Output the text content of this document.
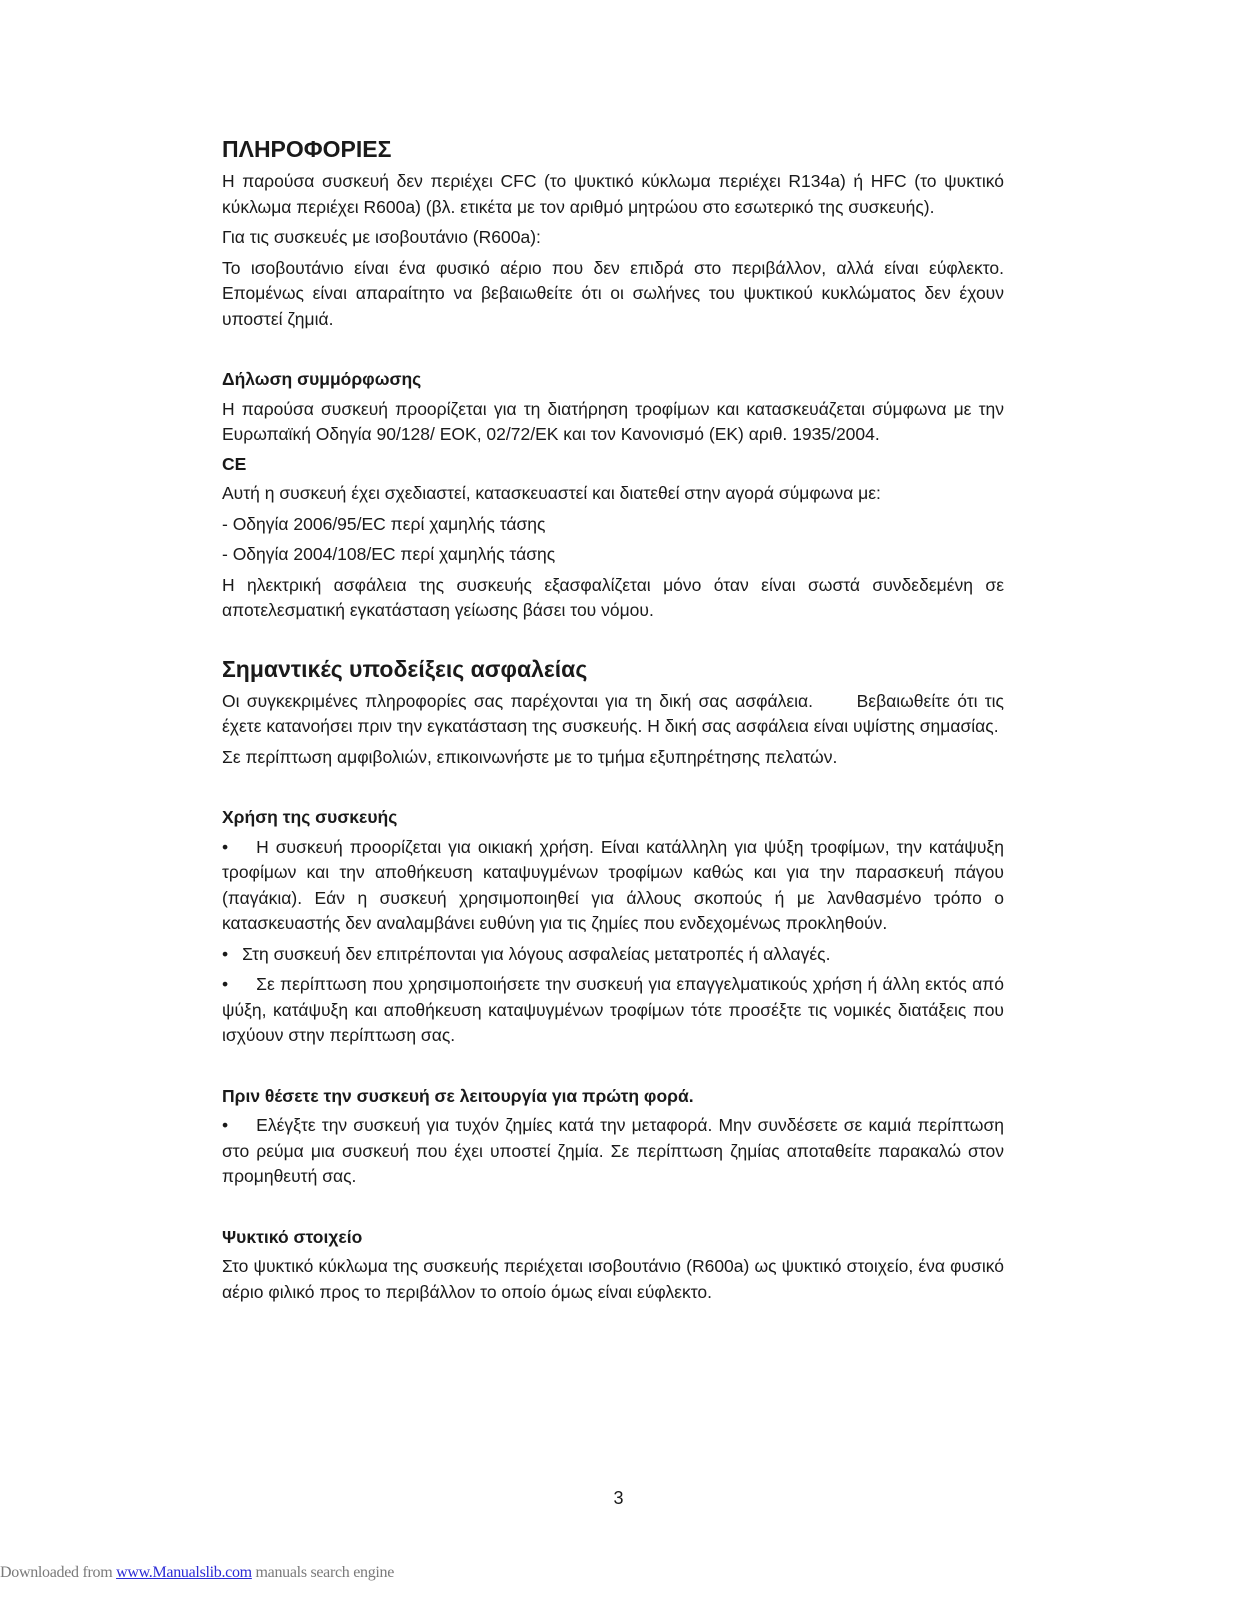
ΠΛΗΡΟΦΟΡΙΕΣ

Η παρούσα συσκευή δεν περιέχει CFC (το ψυκτικό κύκλωμα περιέχει R134a) ή HFC (το ψυκτικό κύκλωμα περιέχει R600a) (βλ. ετικέτα με τον αριθμό μητρώου στο εσωτερικό της συσκευής).

Για τις συσκευές με ισοβουτάνιο (R600a):

Το ισοβουτάνιο είναι ένα φυσικό αέριο που δεν επιδρά στο περιβάλλον, αλλά είναι εύφλεκτο. Επομένως είναι απαραίτητο να βεβαιωθείτε ότι οι σωλήνες του ψυκτικού κυκλώματος δεν έχουν υποστεί ζημιά.

Δήλωση συμμόρφωσης

Η παρούσα συσκευή προορίζεται για τη διατήρηση τροφίμων και κατασκευάζεται σύμφωνα με την Ευρωπαϊκή Οδηγία 90/128/ ΕΟΚ, 02/72/ΕΚ και τον Κανονισμό (ΕΚ) αριθ. 1935/2004.

CE

Αυτή η συσκευή έχει σχεδιαστεί, κατασκευαστεί και διατεθεί στην αγορά σύμφωνα με:

- Οδηγία 2006/95/EC περί χαμηλής τάσης

- Οδηγία 2004/108/EC περί χαμηλής τάσης

Η ηλεκτρική ασφάλεια της συσκευής εξασφαλίζεται μόνο όταν είναι σωστά συνδεδεμένη σε αποτελεσματική εγκατάσταση γείωσης βάσει του νόμου.

Σημαντικές υποδείξεις ασφαλείας

Οι συγκεκριμένες πληροφορίες σας παρέχονται για τη δική σας ασφάλεια.      Βεβαιωθείτε ότι τις έχετε κατανοήσει πριν την εγκατάσταση της συσκευής. Η δική σας ασφάλεια είναι υψίστης σημασίας.

Σε περίπτωση αμφιβολιών, επικοινωνήστε με το τμήμα εξυπηρέτησης πελατών.

Χρήση της συσκευής

• Η συσκευή προορίζεται για οικιακή χρήση. Είναι κατάλληλη για ψύξη τροφίμων, την κατάψυξη τροφίμων και την αποθήκευση καταψυγμένων τροφίμων καθώς και για την παρασκευή πάγου (παγάκια). Εάν η συσκευή χρησιμοποιηθεί για άλλους σκοπούς ή με λανθασμένο τρόπο ο κατασκευαστής δεν αναλαμβάνει ευθύνη για τις ζημίες που ενδεχομένως προκληθούν.

• Στη συσκευή δεν επιτρέπονται για λόγους ασφαλείας μετατροπές ή αλλαγές.

• Σε περίπτωση που χρησιμοποιήσετε την συσκευή για επαγγελματικούς χρήση ή άλλη εκτός από ψύξη, κατάψυξη και αποθήκευση καταψυγμένων τροφίμων τότε προσέξτε τις νομικές διατάξεις που ισχύουν στην περίπτωση σας.

Πριν θέσετε την συσκευή σε λειτουργία για πρώτη φορά.

• Ελέγξτε την συσκευή για τυχόν ζημίες κατά την μεταφορά. Μην συνδέσετε σε καμιά περίπτωση στο ρεύμα μια συσκευή που έχει υποστεί ζημία. Σε περίπτωση ζημίας αποταθείτε παρακαλώ στον προμηθευτή σας.

Ψυκτικό στοιχείο

Στο ψυκτικό κύκλωμα της συσκευής περιέχεται ισοβουτάνιο (R600a) ως ψυκτικό στοιχείο, ένα φυσικό αέριο φιλικό προς το περιβάλλον το οποίο όμως είναι εύφλεκτο.

3
Downloaded from www.Manualslib.com manuals search engine
